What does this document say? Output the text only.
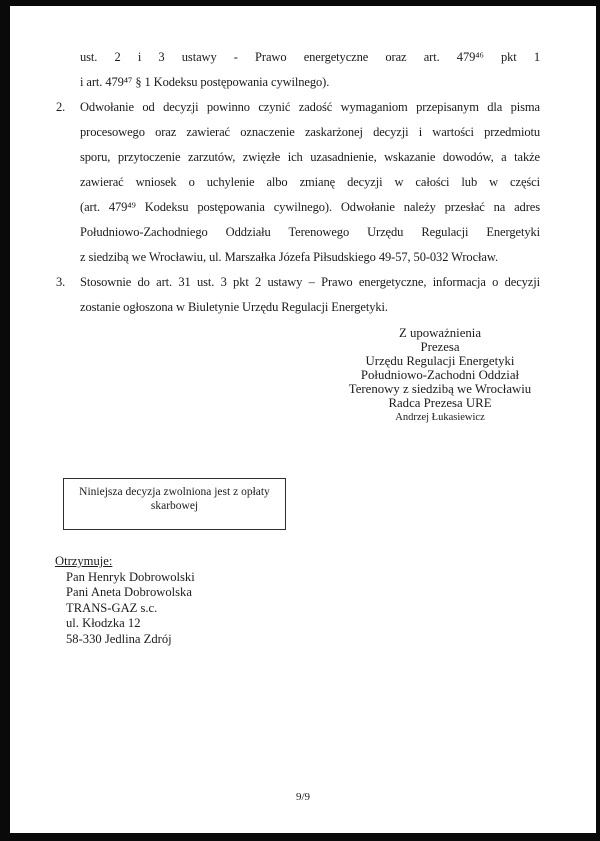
ust. 2 i 3 ustawy - Prawo energetyczne oraz art. 479⁴⁶ pkt 1
i art. 479⁴⁷ § 1 Kodeksu postępowania cywilnego).
2.	Odwołanie od decyzji powinno czynić zadość wymaganiom przepisanym dla pisma
procesowego oraz zawierać oznaczenie zaskarżonej decyzji i wartości przedmiotu
sporu, przytoczenie zarzutów, zwięzłe ich uzasadnienie, wskazanie dowodów, a także
zawierać wniosek o uchylenie albo zmianę decyzji w całości lub w części
(art. 479⁴⁹ Kodeksu postępowania cywilnego). Odwołanie należy przesłać na adres
Południowo-Zachodniego Oddziału Terenowego Urzędu Regulacji Energetyki
z siedzibą we Wrocławiu, ul. Marszałka Józefa Piłsudskiego 49-57, 50-032 Wrocław.
3.	Stosownie do art. 31 ust. 3 pkt 2 ustawy – Prawo energetyczne, informacja o decyzji
zostanie ogłoszona w Biuletynie Urzędu Regulacji Energetyki.
Z upoważnienia
Prezesa
Urzędu Regulacji Energetyki
Południowo-Zachodni Oddział
Terenowy z siedzibą we Wrocławiu
Radca Prezesa URE
Andrzej Łukasiewicz
Niniejsza decyzja zwolniona jest z opłaty
skarbowej
Otrzymuje:
Pan Henryk Dobrowolski
Pani Aneta Dobrowolska
TRANS-GAZ s.c.
ul. Kłodzka 12
58-330 Jedlina Zdrój
9/9
